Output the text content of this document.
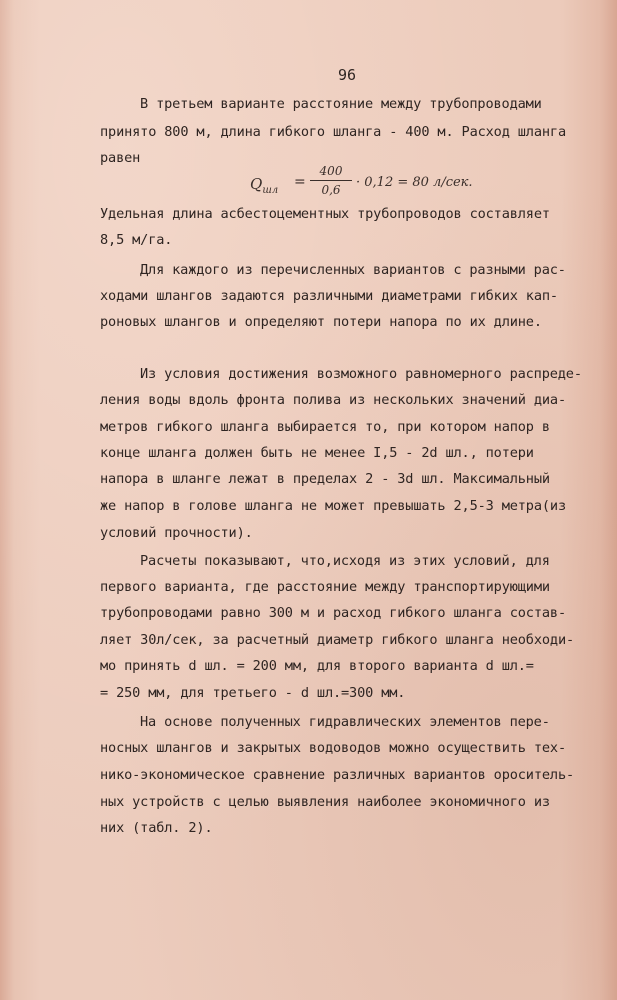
96
В третьем варианте расстояние между трубопроводами
принято 800 м, длина гибкого шланга - 400 м. Расход шланга
равен
$Q_{шл}$
= $\frac{400}{0,6} \cdot 0,12 = 80$ л/сек.
Удельная длина асбестоцементных трубопроводов составляет
8,5 м/га.
Для каждого из перечисленных вариантов с разными рас-
ходами шлангов задаются различными диаметрами гибких кап-
роновых шлангов и определяют потери напора по их длине.
Из условия достижения возможного равномерного распреде-
ления воды вдоль фронта полива из нескольких значений диа-
метров гибкого шланга выбирается то, при котором напор в
конце шланга должен быть не менее I,5 - 2d шл., потери
напора в шланге лежат в пределах 2 - 3d шл. Максимальный
же напор в голове шланга не может превышать 2,5-3 метра(из
условий прочности).
Расчеты показывают, что,исходя из этих условий, для
первого варианта, где расстояние между транспортирующими
трубопроводами равно 300 м и расход гибкого шланга состав-
ляет 30л/сек, за расчетный диаметр гибкого шланга необходи-
мо принять d шл. = 200 мм, для второго варианта d шл.=
= 250 мм, для третьего - d шл.=300 мм.
На основе полученных гидравлических элементов пере-
носных шлангов и закрытых водоводов можно осуществить тех-
нико-экономическое сравнение различных вариантов ороситель-
ных устройств с целью выявления наиболее экономичного из
них (табл. 2).
